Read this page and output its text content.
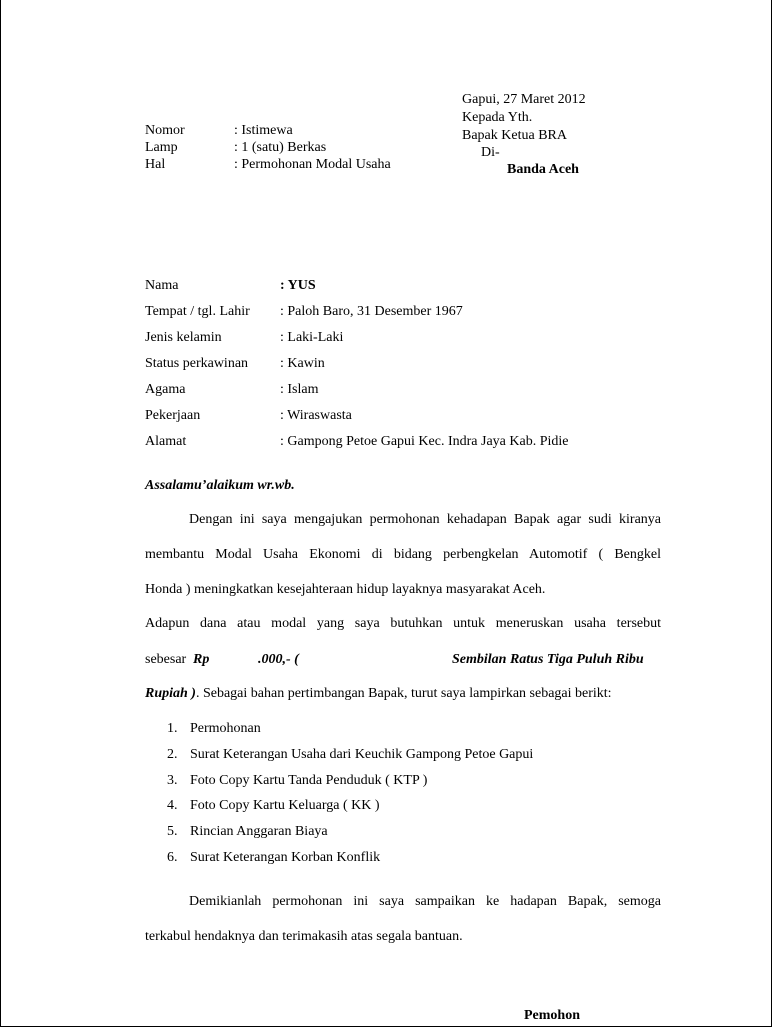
Nomor	: Istimewa
Lamp	: 1 (satu) Berkas
Hal	: Permohonan Modal Usaha
Gapui, 27 Maret 2012
Kepada Yth.
Bapak Ketua BRA
Di-
Banda Aceh
Nama	: YUS
Tempat / tgl. Lahir : Paloh Baro, 31 Desember 1967
Jenis kelamin	: Laki-Laki
Status perkawinan : Kawin
Agama	: Islam
Pekerjaan	: Wiraswasta
Alamat	: Gampong Petoe Gapui Kec. Indra Jaya Kab. Pidie
Assalamu’alaikum wr.wb.
Dengan ini saya mengajukan permohonan kehadapan Bapak agar sudi kiranya
membantu Modal Usaha Ekonomi di bidang perbengkelan Automotif ( Bengkel
Honda ) meningkatkan kesejahteraan hidup layaknya masyarakat Aceh.
Adapun dana atau modal yang saya butuhkan untuk meneruskan usaha tersebut
sebesar Rp	.000,- (	Sembilan Ratus Tiga Puluh Ribu
Rupiah ). Sebagai bahan pertimbangan Bapak, turut saya lampirkan sebagai berikt:
1. Permohonan
2. Surat Keterangan Usaha dari Keuchik Gampong Petoe Gapui
3. Foto Copy Kartu Tanda Penduduk ( KTP )
4. Foto Copy Kartu Keluarga ( KK )
5. Rincian Anggaran Biaya
6. Surat Keterangan Korban Konflik
Demikianlah permohonan ini saya sampaikan ke hadapan Bapak, semoga
terkabul hendaknya dan terimakasih atas segala bantuan.
Pemohon
